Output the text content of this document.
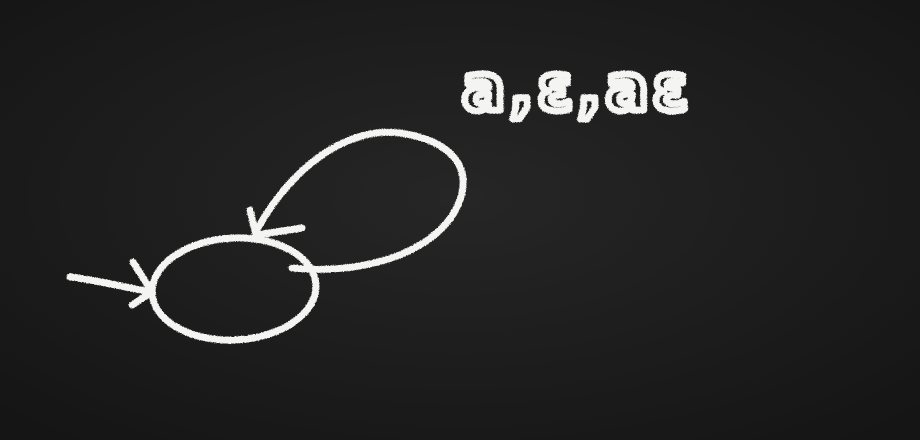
a,ε,aε
